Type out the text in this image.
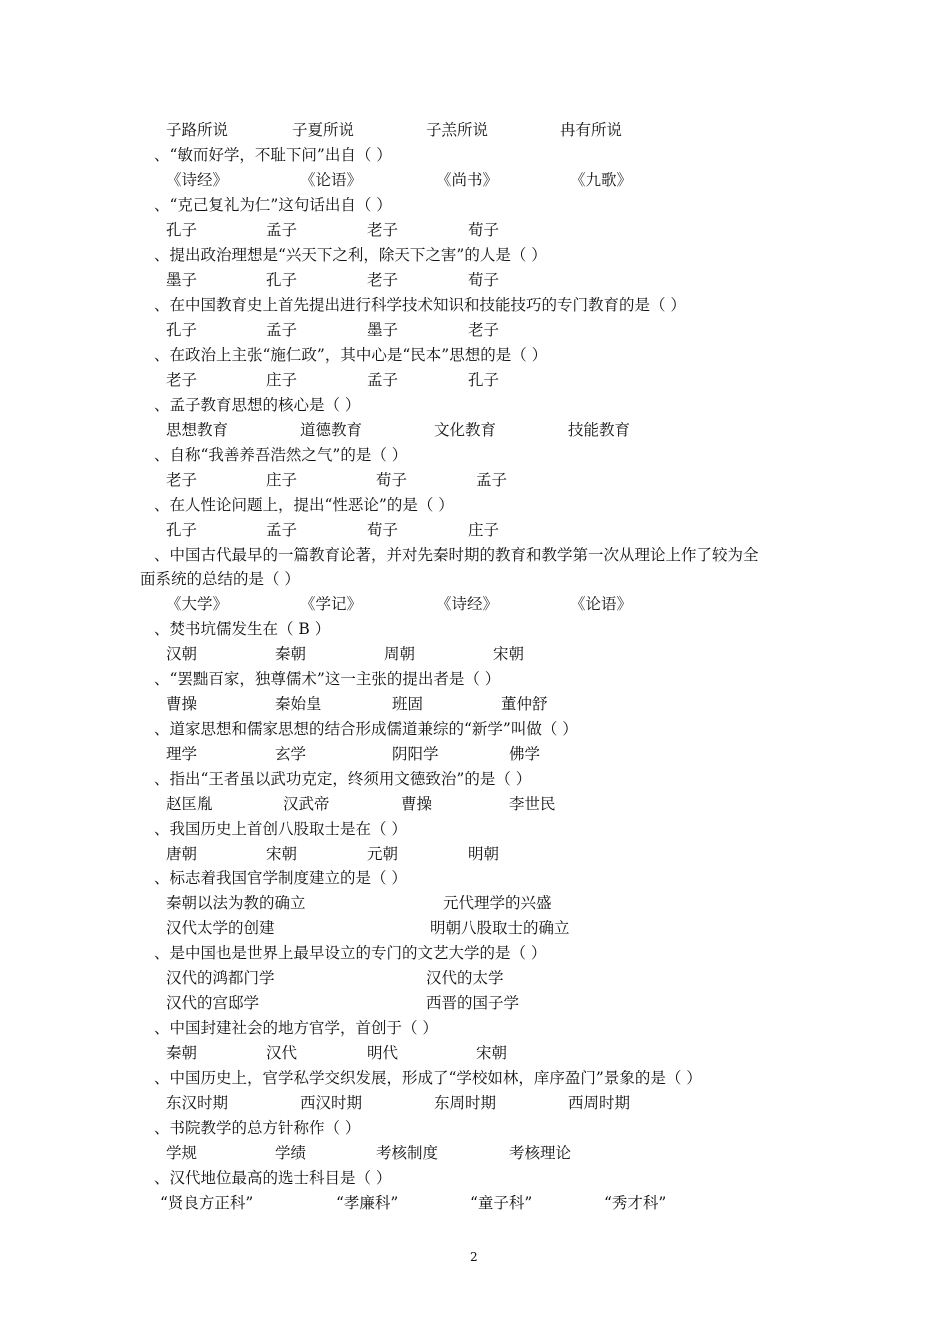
子路所说	子夏所说	子羔所说	冉有所说
、“敏而好学，不耻下问”出自（ ）
《诗经》	《论语》	《尚书》	《九歌》
、“克己复礼为仁”这句话出自（ ）
孔子	孟子	老子	荀子
、提出政治理想是“兴天下之利，除天下之害”的人是（ ）
墨子	孔子	老子	荀子
、在中国教育史上首先提出进行科学技术知识和技能技巧的专门教育的是（ ）
孔子	孟子	墨子	老子
、在政治上主张“施仁政”，其中心是“民本”思想的是（ ）
老子	庄子	孟子	孔子
、孟子教育思想的核心是（ ）
思想教育	道德教育	文化教育	技能教育
、自称“我善养吾浩然之气”的是（ ）
老子	庄子	荀子	孟子
、在人性论问题上，提出“性恶论”的是（ ）
孔子	孟子	荀子	庄子
、中国古代最早的一篇教育论著，并对先秦时期的教育和教学第一次从理论上作了较为全
面系统的总结的是（ ）
《大学》	《学记》	《诗经》	《论语》
、焚书坑儒发生在（ B ）
汉朝	秦朝	周朝	宋朝
、“罢黜百家，独尊儒术”这一主张的提出者是（ ）
曹操	秦始皇	班固	董仲舒
、道家思想和儒家思想的结合形成儒道兼综的“新学”叫做（ ）
理学	玄学	阴阳学	佛学
、指出“王者虽以武功克定，终须用文德致治”的是（ ）
赵匡胤	汉武帝	曹操	李世民
、我国历史上首创八股取士是在（ ）
唐朝	宋朝	元朝	明朝
、标志着我国官学制度建立的是（ ）
秦朝以法为教的确立	元代理学的兴盛
汉代太学的创建	明朝八股取士的确立
、是中国也是世界上最早设立的专门的文艺大学的是（ ）
汉代的鸿都门学	汉代的太学
汉代的宫邸学	西晋的国子学
、中国封建社会的地方官学，首创于（ ）
秦朝	汉代	明代	宋朝
、中国历史上，官学私学交织发展，形成了“学校如林，庠序盈门”景象的是（ ）
东汉时期	西汉时期	东周时期	西周时期
、书院教学的总方针称作（ ）
学规	学绩	考核制度	考核理论
、汉代地位最高的选士科目是（ ）
“贤良方正科”	“孝廉科”	“童子科”	“秀才科”
2
